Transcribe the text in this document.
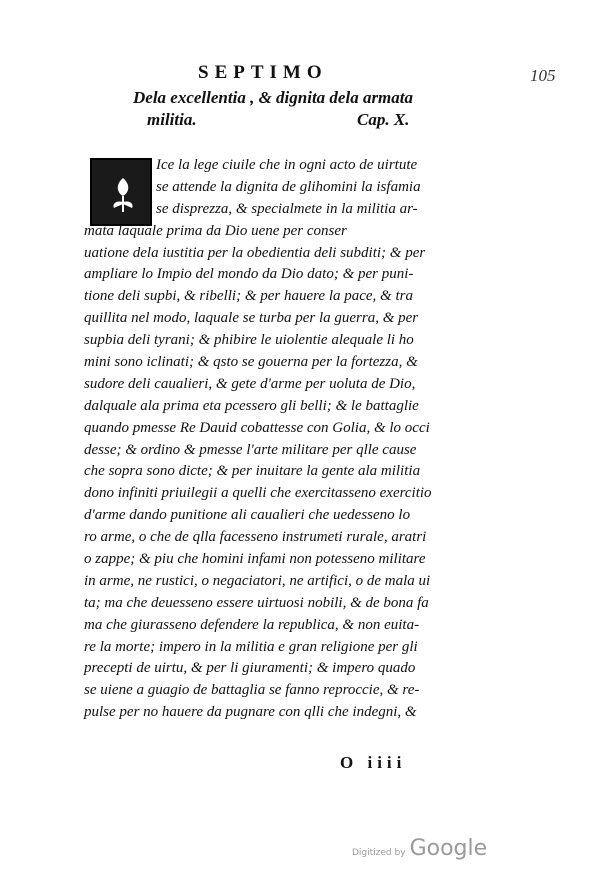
SEPTIMO	105
Dela excellentia , & dignita dela armata
militia.	Cap. X.
Ice la lege ciuile che in ogni acto de uirtute
se attende la dignita de glihomini la isfamia
se disprezza, & specialmete in la militia ar-
mata laquale prima da Dio uene per conser
uatione dela iustitia per la obedientia deli subditi; & per
ampliare lo Impio del mondo da Dio dato; & per puni-
tione deli supbi, & ribelli; & per hauere la pace, & tra
quillita nel modo, laquale se turba per la guerra, & per
supbia deli tyrani; & phibire le uiolentie alequale li ho
mini sono iclinati; & qsto se gouerna per la fortezza, &
sudore deli caualieri, & gete d'arme per uoluta de Dio,
dalquale ala prima eta pcessero gli belli; & le battaglie
quando pmesse Re Dauid cobattesse con Golia, & lo occi
desse; & ordino & pmesse l'arte militare per qlle cause
che sopra sono dicte; & per inuitare la gente ala militia
dono infiniti priuilegii a quelli che exercitasseno exercitio
d'arme dando punitione ali caualieri che uedesseno lo
ro arme, o che de qlla facesseno instrumeti rurale, aratri
o zappe; & piu che homini infami non potesseno militare
in arme, ne rustici, o negaciatori, ne artifici, o de mala ui
ta; ma che deuesseno essere uirtuosi nobili, & de bona fa
ma che giurasseno defendere la republica, & non euita-
re la morte; impero in la militia e gran religione per gli
precepti de uirtu, & per li giuramenti; & impero quado
se uiene a guagio de battaglia se fanno reproccie, & re-
pulse per no hauere da pugnare con qlli che indegni, &
O iiii
Digitized by Google
